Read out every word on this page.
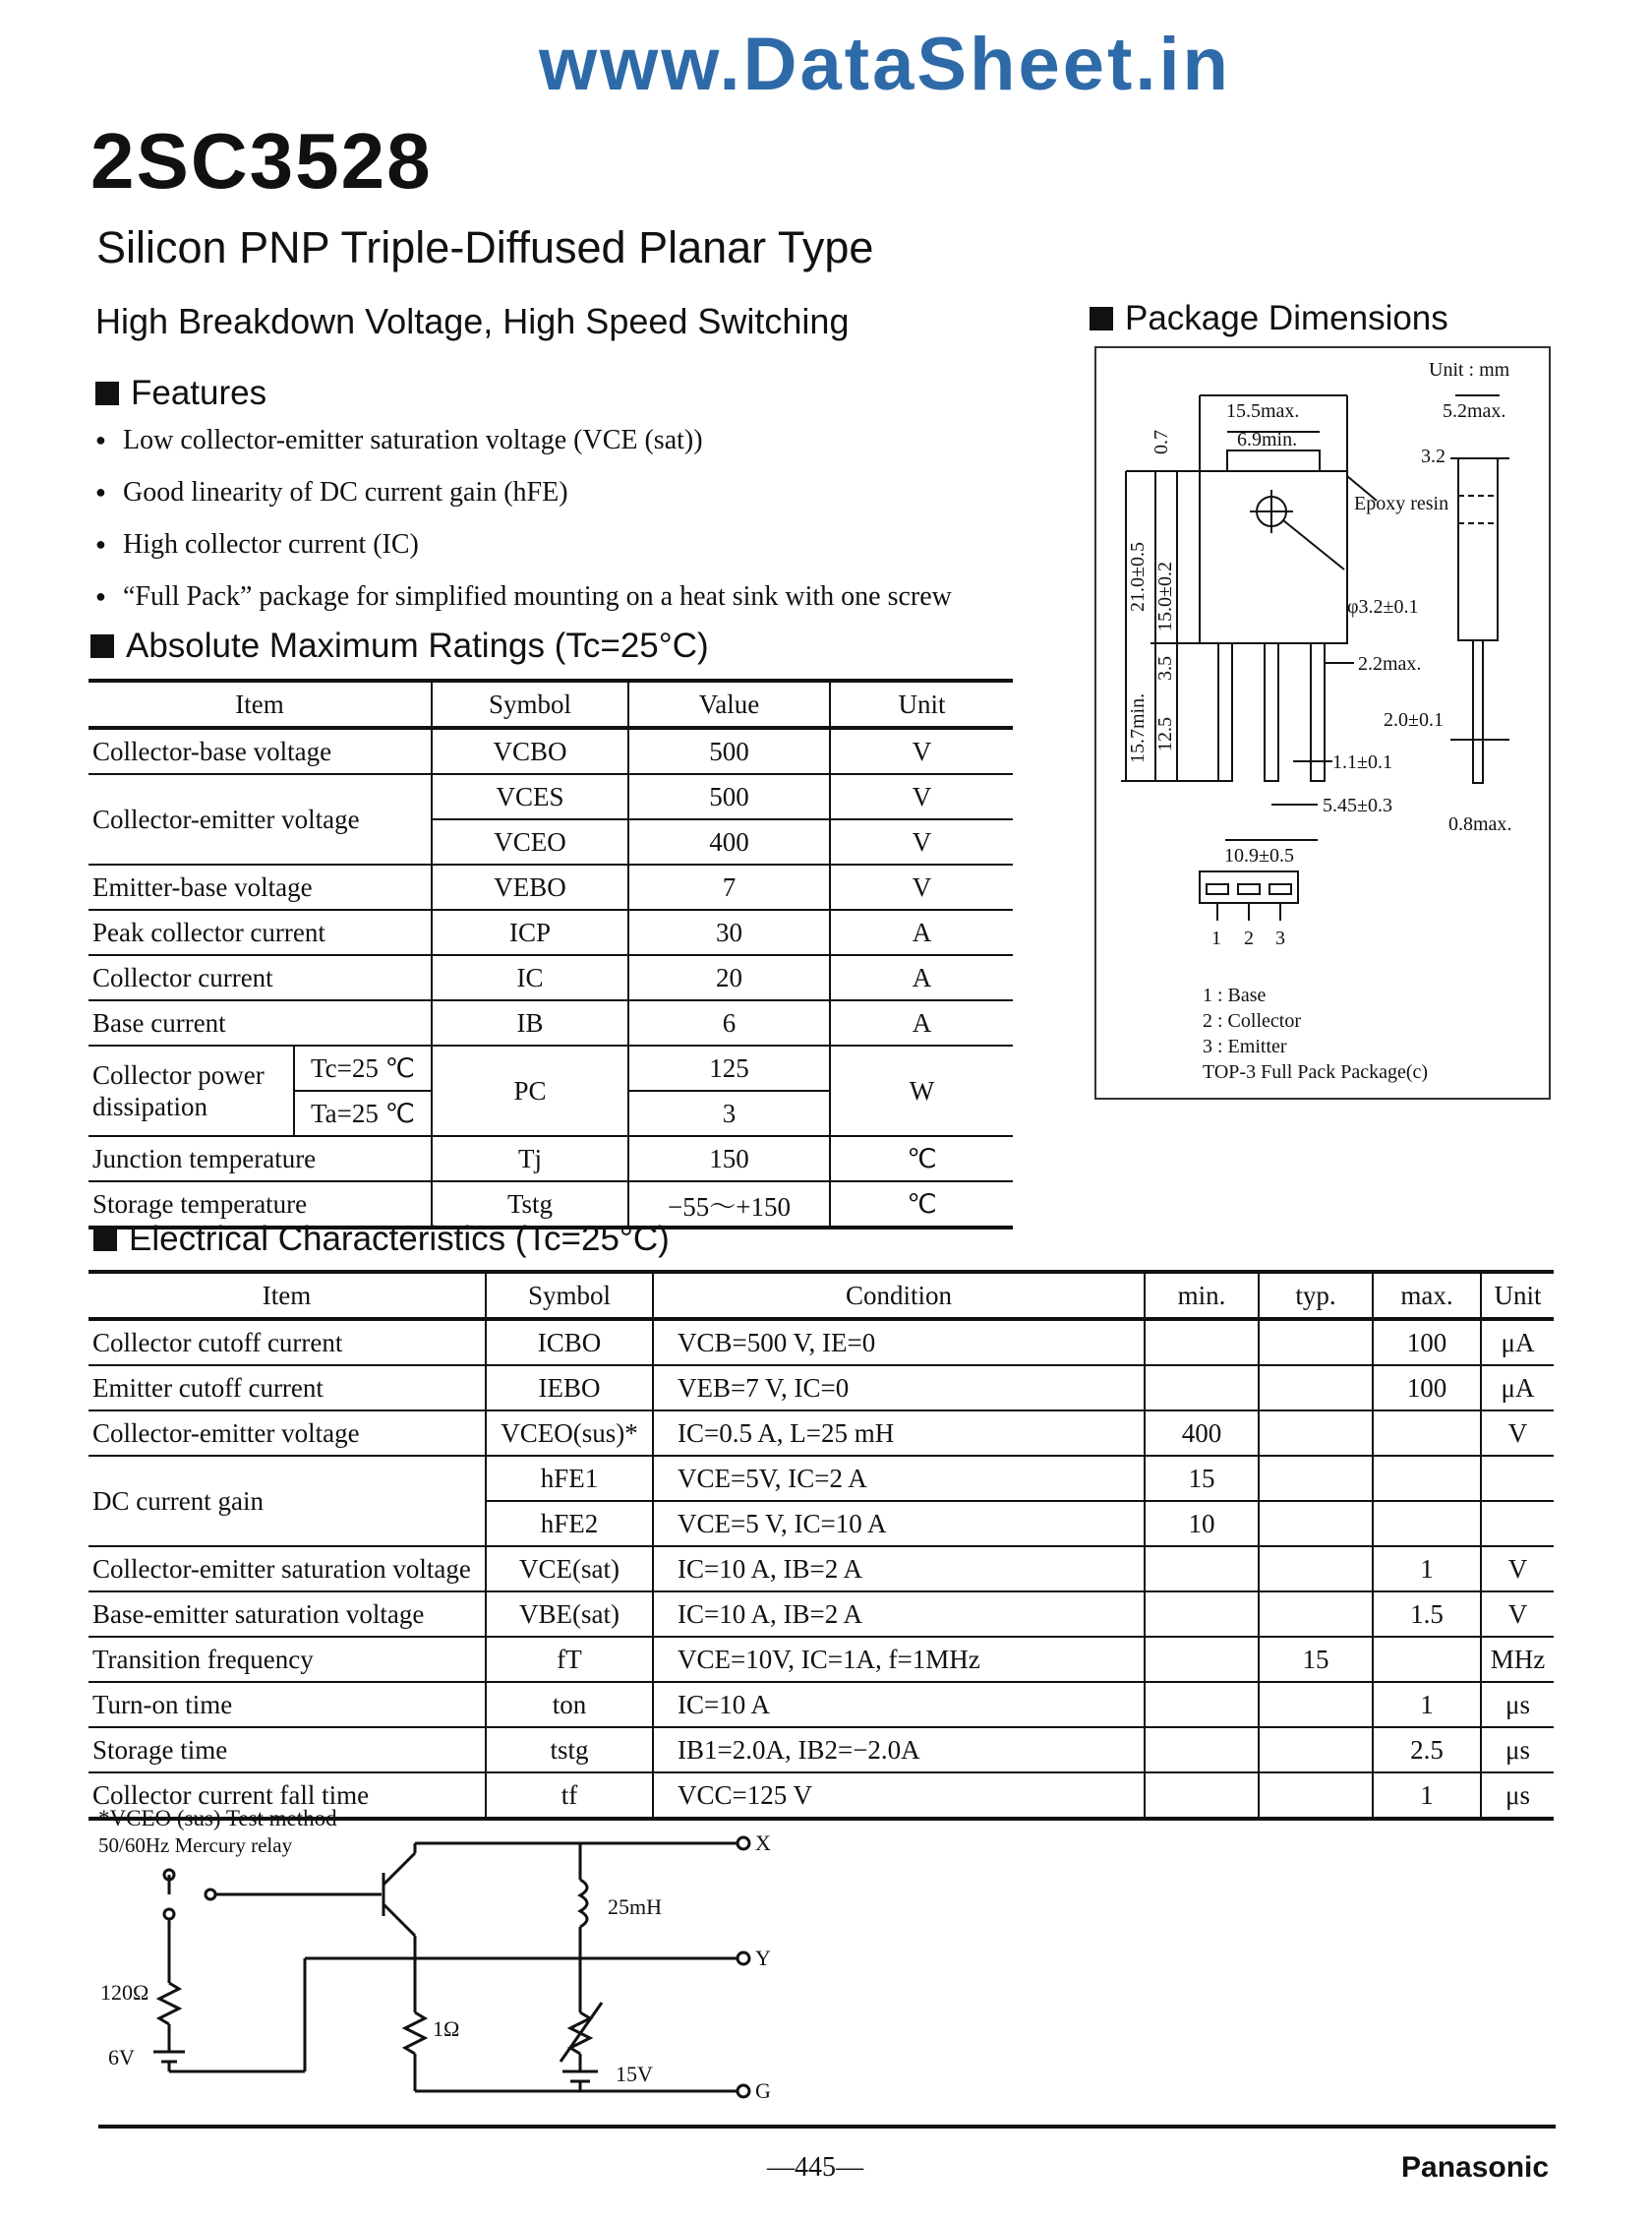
www.DataSheet.in
2SC3528
Silicon PNP Triple-Diffused Planar Type
High Breakdown Voltage, High Speed Switching
Features
● Low collector-emitter saturation voltage (VCE (sat))
● Good linearity of DC current gain (hFE)
● High collector current (IC)
● “Full Pack” package for simplified mounting on a heat sink with one screw
Absolute Maximum Ratings (Tc=25°C)
Item		Symbol	Value	Unit
Collector-base voltage		VCBO	500	V
Collector-emitter voltage		VCES	500	V
		VCEO	400	V
Emitter-base voltage		VEBO	7	V
Peak collector current		ICP	30	A
Collector current		IC	20	A
Base current		IB	6	A
Collector power dissipation	Tc=25 ℃	PC	125	W
	Ta=25 ℃		3	
Junction temperature		Tj	150	℃
Storage temperature		Tstg	−55～+150	℃
Package Dimensions
Unit : mm
15.5max.
6.9min.
5.2max.
3.2
0.7
21.0±0.5 15.0±0.2
3.5
15.7min. 12.5
φ3.2±0.1
2.2max.
2.0±0.1
1.1±0.1
5.45±0.3
10.9±0.5
0.8max.
Epoxy resin
1 2 3
1 : Base
2 : Collector
3 : Emitter
TOP-3 Full Pack Package(c)
Electrical Characteristics (Tc=25°C)
Item	Symbol	Condition	min.	typ.	max.	Unit
Collector cutoff current	ICBO	VCB=500 V, IE=0			100	μA
Emitter cutoff current	IEBO	VEB=7 V, IC=0			100	μA
Collector-emitter voltage	VCEO(sus)*	IC=0.5 A, L=25 mH	400			V
DC current gain	hFE1	VCE=5V, IC=2 A	15			
	hFE2	VCE=5 V, IC=10 A	10			
Collector-emitter saturation voltage	VCE(sat)	IC=10 A, IB=2 A			1	V
Base-emitter saturation voltage	VBE(sat)	IC=10 A, IB=2 A			1.5	V
Transition frequency	fT	VCE=10V, IC=1A, f=1MHz		15		MHz
Turn-on time	ton	IC=10 A			1	μs
Storage time	tstg	IB1=2.0A, IB2=−2.0A			2.5	μs
Collector current fall time	tf	VCC=125 V			1	μs
*VCEO (sus) Test method
50/60Hz Mercury relay
120Ω
6V
1Ω
25mH
15V
X
Y
G
—445—	Panasonic
